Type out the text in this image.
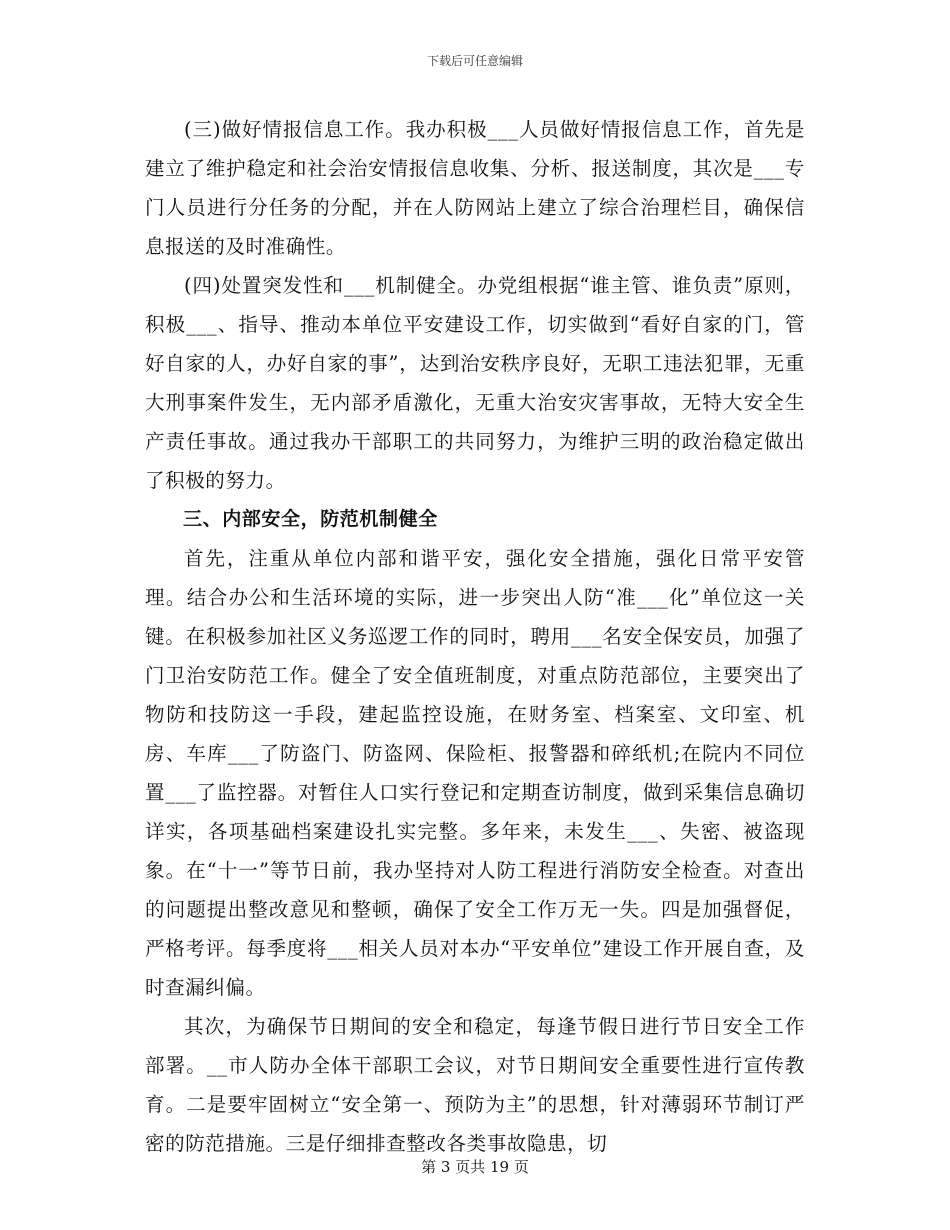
下载后可任意编辑

(三)做好情报信息工作。我办积极___人员做好情报信息工作，首先是建立了维护稳定和社会治安情报信息收集、分析、报送制度，其次是___专门人员进行分任务的分配，并在人防网站上建立了综合治理栏目，确保信息报送的及时准确性。

(四)处置突发性和___机制健全。办党组根据“谁主管、谁负责”原则，积极___、指导、推动本单位平安建设工作，切实做到“看好自家的门，管好自家的人，办好自家的事”，达到治安秩序良好，无职工违法犯罪，无重大刑事案件发生，无内部矛盾激化，无重大治安灾害事故，无特大安全生产责任事故。通过我办干部职工的共同努力，为维护三明的政治稳定做出了积极的努力。

三、内部安全，防范机制健全

首先，注重从单位内部和谐平安，强化安全措施，强化日常平安管理。结合办公和生活环境的实际，进一步突出人防“准___化”单位这一关键。在积极参加社区义务巡逻工作的同时，聘用___名安全保安员，加强了门卫治安防范工作。健全了安全值班制度，对重点防范部位，主要突出了物防和技防这一手段，建起监控设施，在财务室、档案室、文印室、机房、车库___了防盗门、防盗网、保险柜、报警器和碎纸机;在院内不同位置___了监控器。对暂住人口实行登记和定期查访制度，做到采集信息确切详实，各项基础档案建设扎实完整。多年来，未发生___、失密、被盗现象。在“十一”等节日前，我办坚持对人防工程进行消防安全检查。对查出的问题提出整改意见和整顿，确保了安全工作万无一失。四是加强督促，严格考评。每季度将___相关人员对本办“平安单位”建设工作开展自查，及时查漏纠偏。

其次，为确保节日期间的安全和稳定，每逢节假日进行节日安全工作部署。__市人防办全体干部职工会议，对节日期间安全重要性进行宣传教育。二是要牢固树立“安全第一、预防为主”的思想，针对薄弱环节制订严密的防范措施。三是仔细排查整改各类事故隐患，切

第 3 页共 19 页
